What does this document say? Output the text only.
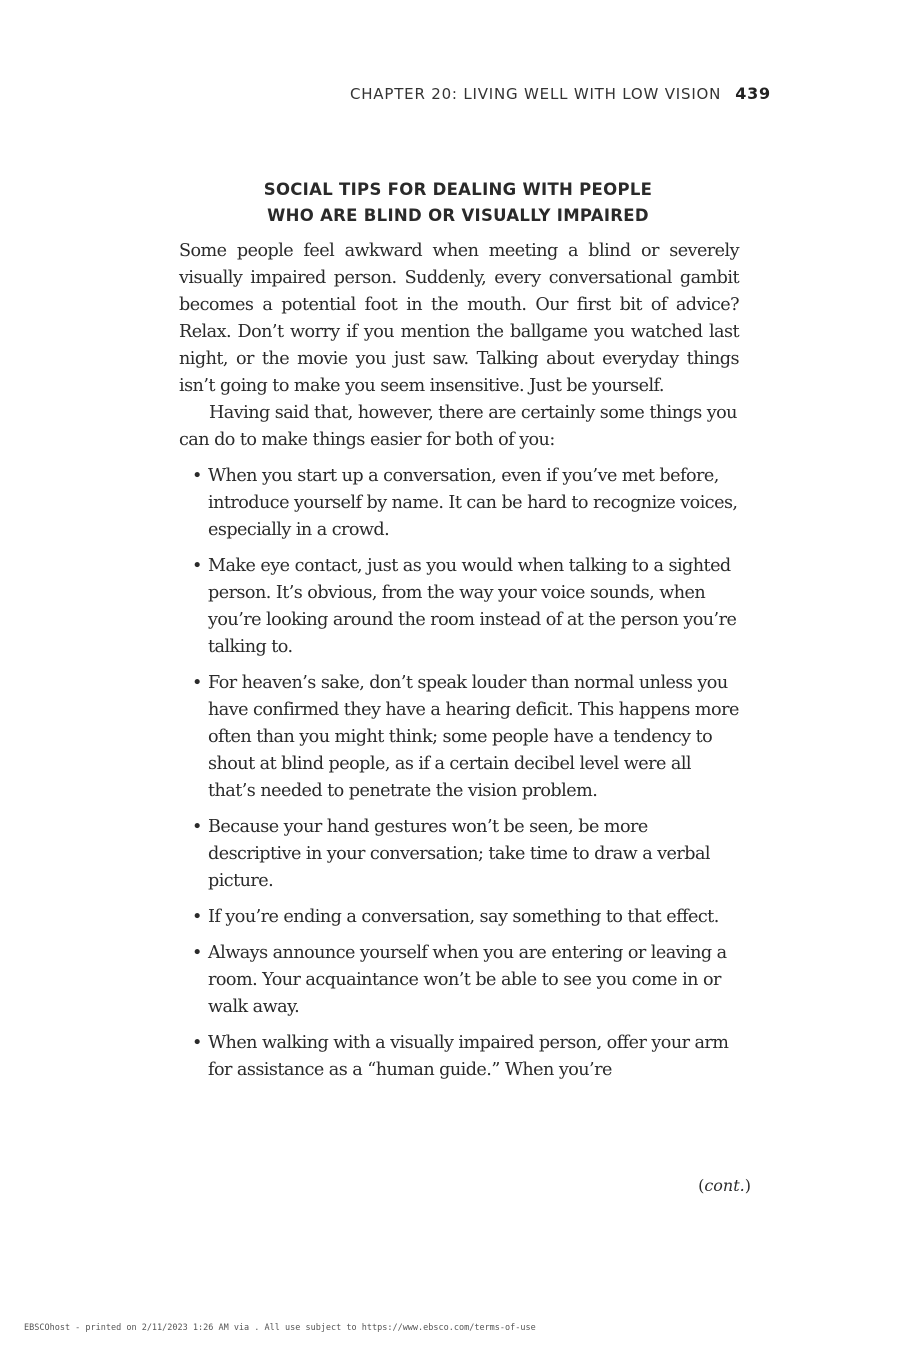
CHAPTER 20: LIVING WELL WITH LOW VISION 439
SOCIAL TIPS FOR DEALING WITH PEOPLE
WHO ARE BLIND OR VISUALLY IMPAIRED

Some people feel awkward when meeting a blind or severely visually impaired person. Suddenly, every conversational gambit becomes a potential foot in the mouth. Our first bit of advice? Relax. Don’t worry if you mention the ballgame you watched last night, or the movie you just saw. Talking about everyday things isn’t going to make you seem insensitive. Just be yourself.

Having said that, however, there are certainly some things you can do to make things easier for both of you:

• When you start up a conversation, even if you’ve met before, introduce yourself by name. It can be hard to recognize voices, especially in a crowd.
• Make eye contact, just as you would when talking to a sighted person. It’s obvious, from the way your voice sounds, when you’re looking around the room instead of at the person you’re talking to.
• For heaven’s sake, don’t speak louder than normal unless you have confirmed they have a hearing deficit. This happens more often than you might think; some people have a tendency to shout at blind people, as if a certain decibel level were all that’s needed to penetrate the vision problem.
• Because your hand gestures won’t be seen, be more descriptive in your conversation; take time to draw a verbal picture.
• If you’re ending a conversation, say something to that effect.
• Always announce yourself when you are entering or leaving a room. Your acquaintance won’t be able to see you come in or walk away.
• When walking with a visually impaired person, offer your arm for assistance as a “human guide.” When you’re
(cont.)
EBSCOhost - printed on 2/11/2023 1:26 AM via . All use subject to https://www.ebsco.com/terms-of-use
